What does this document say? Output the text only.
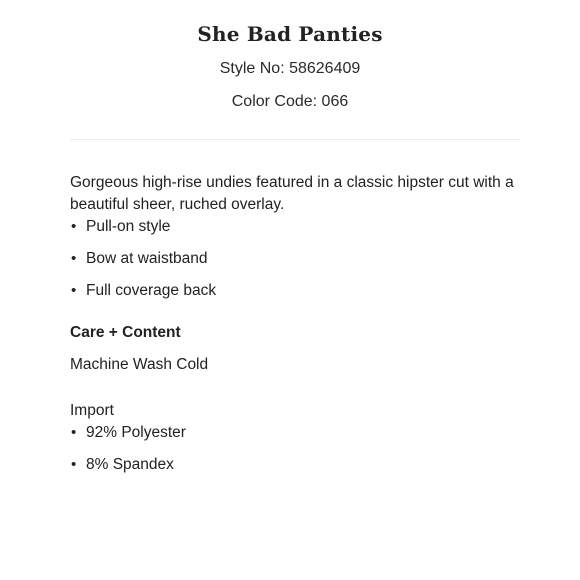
She Bad Panties
Style No: 58626409
Color Code: 066

Gorgeous high-rise undies featured in a classic hipster cut with a beautiful sheer, ruched overlay.

• Pull-on style
• Bow at waistband
• Full coverage back
Care + Content
Machine Wash Cold
Import
• 92% Polyester
• 8% Spandex
